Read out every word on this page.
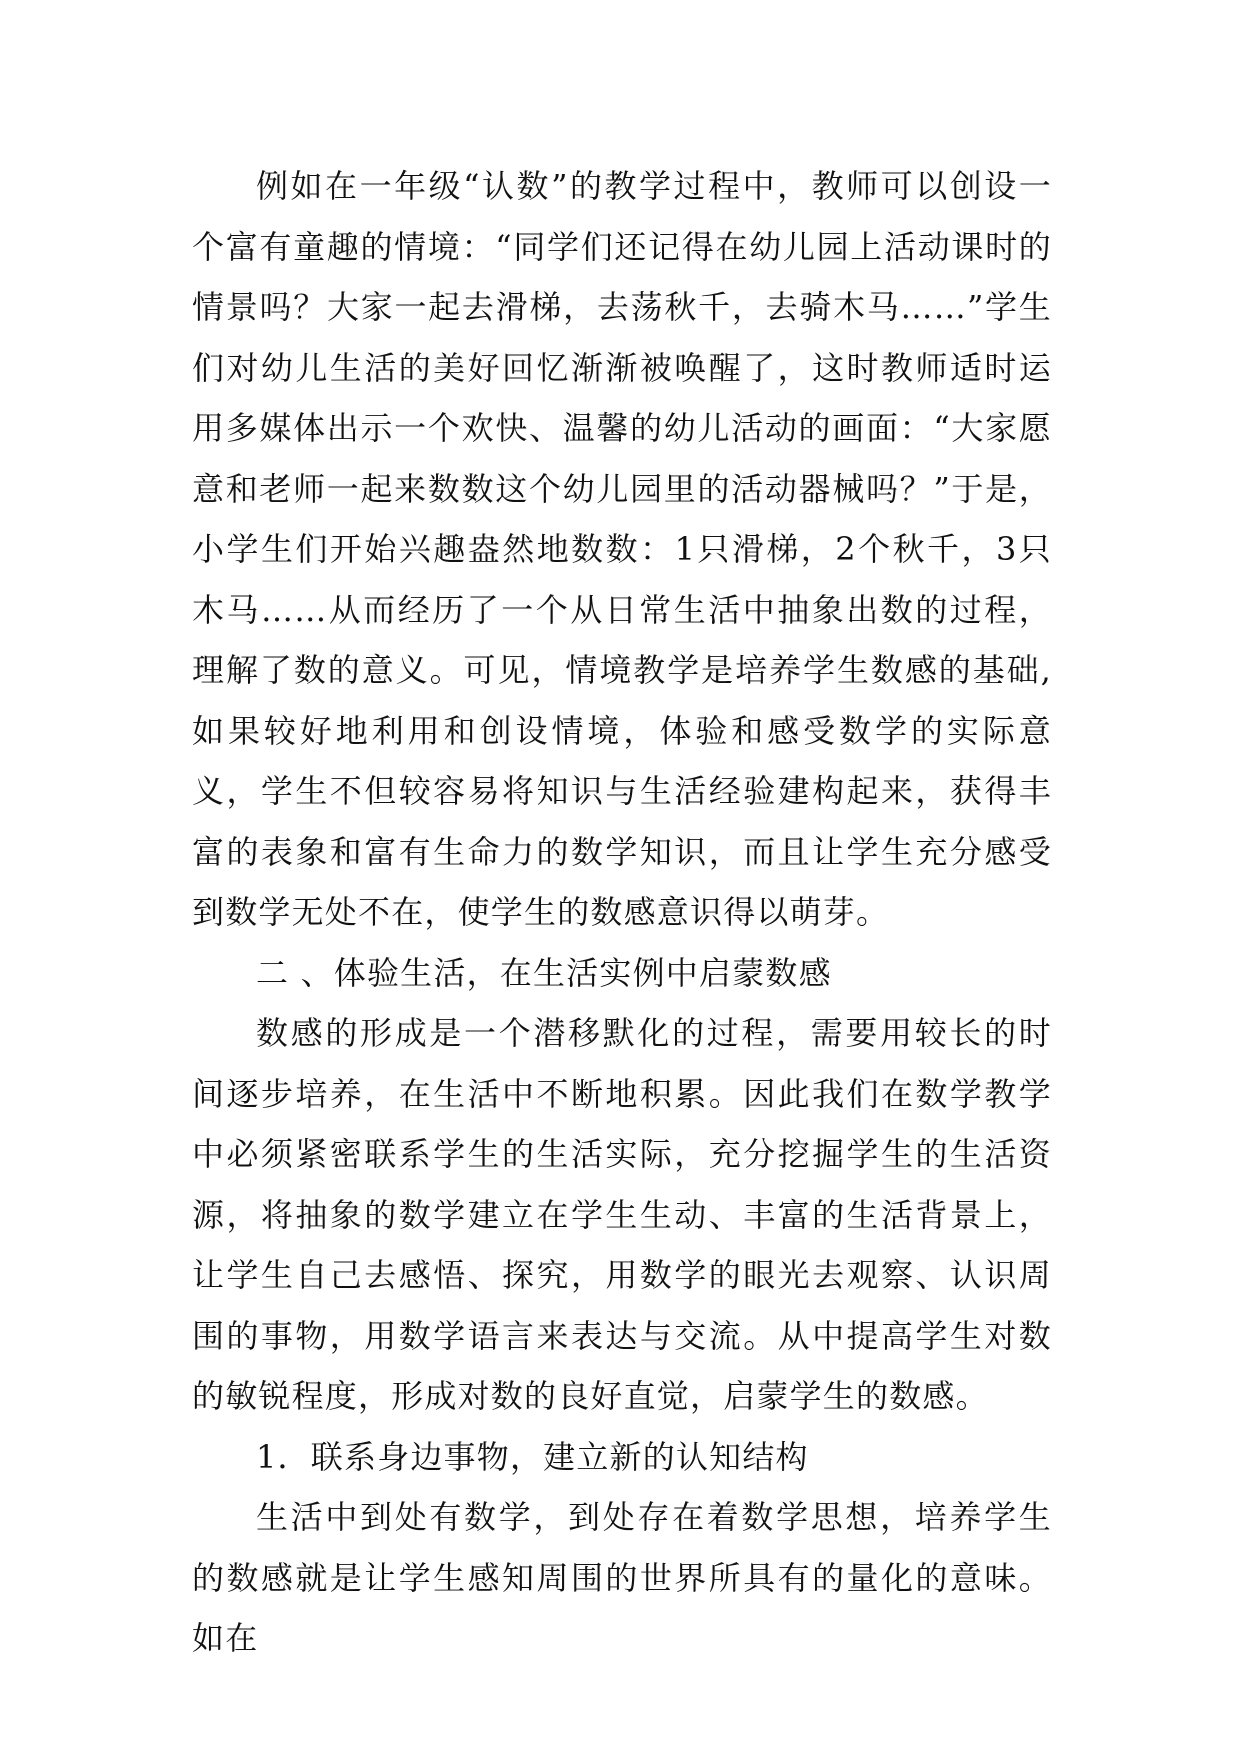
例如在一年级“认数”的教学过程中，教师可以创设一个富有童趣的情境：“同学们还记得在幼儿园上活动课时的情景吗？大家一起去滑梯，去荡秋千，去骑木马……”学生们对幼儿生活的美好回忆渐渐被唤醒了，这时教师适时运用多媒体出示一个欢快、温馨的幼儿活动的画面：“大家愿意和老师一起来数数这个幼儿园里的活动器械吗？”于是，小学生们开始兴趣盎然地数数：1只滑梯，2个秋千，3只木马……从而经历了一个从日常生活中抽象出数的过程，理解了数的意义。可见，情境教学是培养学生数感的基础,如果较好地利用和创设情境，体验和感受数学的实际意义，学生不但较容易将知识与生活经验建构起来，获得丰富的表象和富有生命力的数学知识，而且让学生充分感受到数学无处不在，使学生的数感意识得以萌芽。

二 、体验生活，在生活实例中启蒙数感

数感的形成是一个潜移默化的过程，需要用较长的时间逐步培养，在生活中不断地积累。因此我们在数学教学中必须紧密联系学生的生活实际，充分挖掘学生的生活资源，将抽象的数学建立在学生生动、丰富的生活背景上，让学生自己去感悟、探究，用数学的眼光去观察、认识周围的事物，用数学语言来表达与交流。从中提高学生对数的敏锐程度，形成对数的良好直觉，启蒙学生的数感。

1．联系身边事物，建立新的认知结构

生活中到处有数学，到处存在着数学思想，培养学生的数感就是让学生感知周围的世界所具有的量化的意味。如在
